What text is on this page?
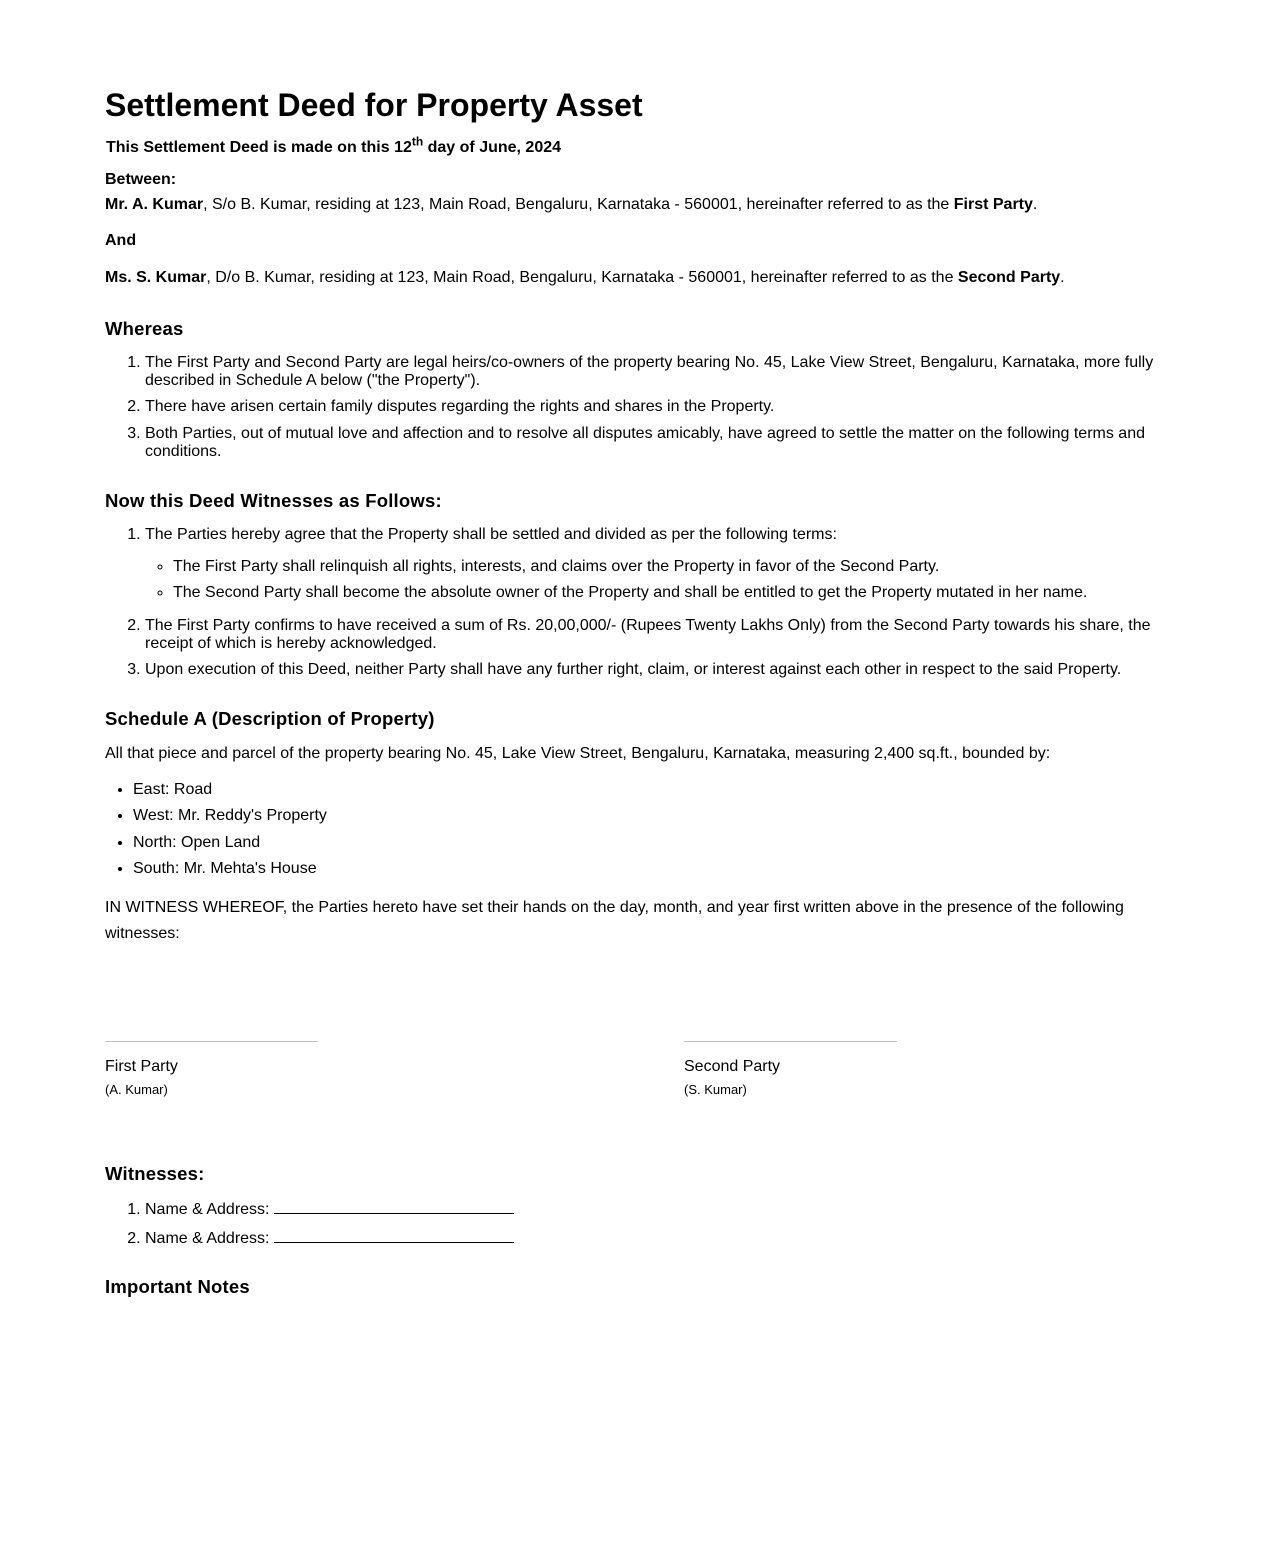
Settlement Deed for Property Asset

This Settlement Deed is made on this 12th day of June, 2024

Between:

Mr. A. Kumar, S/o B. Kumar, residing at 123, Main Road, Bengaluru, Karnataka - 560001, hereinafter referred to as the First Party.

And

Ms. S. Kumar, D/o B. Kumar, residing at 123, Main Road, Bengaluru, Karnataka - 560001, hereinafter referred to as the Second Party.

Whereas
1. The First Party and Second Party are legal heirs/co-owners of the property bearing No. 45, Lake View Street, Bengaluru, Karnataka, more fully described in Schedule A below ("the Property").
2. There have arisen certain family disputes regarding the rights and shares in the Property.
3. Both Parties, out of mutual love and affection and to resolve all disputes amicably, have agreed to settle the matter on the following terms and conditions.
Now this Deed Witnesses as Follows:
1. The Parties hereby agree that the Property shall be settled and divided as per the following terms:
◦ The First Party shall relinquish all rights, interests, and claims over the Property in favor of the Second Party.
◦ The Second Party shall become the absolute owner of the Property and shall be entitled to get the Property mutated in her name.
2. The First Party confirms to have received a sum of Rs. 20,00,000/- (Rupees Twenty Lakhs Only) from the Second Party towards his share, the receipt of which is hereby acknowledged.
3. Upon execution of this Deed, neither Party shall have any further right, claim, or interest against each other in respect to the said Property.
Schedule A (Description of Property)

All that piece and parcel of the property bearing No. 45, Lake View Street, Bengaluru, Karnataka, measuring 2,400 sq.ft., bounded by:

• East: Road
• West: Mr. Reddy's Property
• North: Open Land
• South: Mr. Mehta's House

IN WITNESS WHEREOF, the Parties hereto have set their hands on the day, month, and year first written above in the presence of the following witnesses:

First Party
(A. Kumar)
Second Party
(S. Kumar)
Witnesses:
1. Name & Address:
2. Name & Address:
Important Notes
